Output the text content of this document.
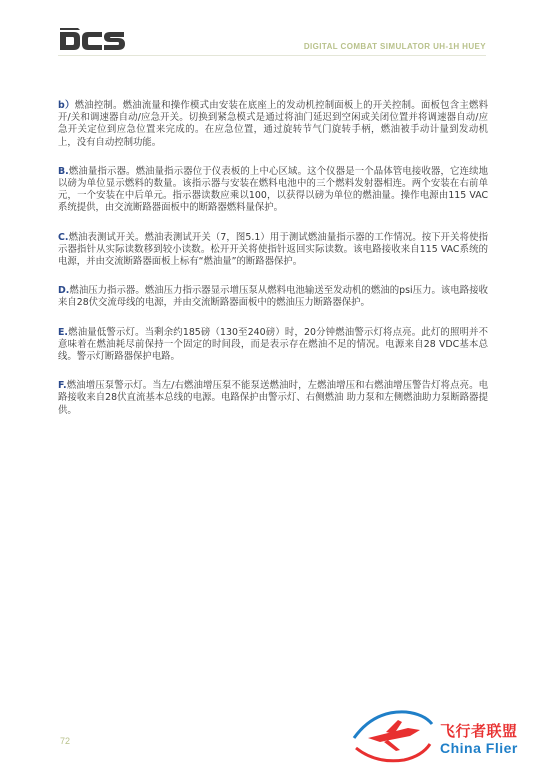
DIGITAL COMBAT SIMULATOR UH-1H HUEY

b）燃油控制。燃油流量和操作模式由安装在底座上的发动机控制面板上的开关控制。面板包含主燃料开/关和调速器自动/应急开关。切换到紧急模式是通过将油门延迟到空闲或关闭位置并将调速器自动/应急开关定位到应急位置来完成的。在应急位置，通过旋转节气门旋转手柄，燃油被手动计量到发动机上，没有自动控制功能。

B.燃油量指示器。燃油量指示器位于仪表板的上中心区域。这个仪器是一个晶体管电接收器，它连续地以磅为单位显示燃料的数量。该指示器与安装在燃料电池中的三个燃料发射器相连。两个安装在右前单元，一个安装在中后单元。指示器读数应乘以100，以获得以磅为单位的燃油量。操作电源由115 VAC系统提供，由交流断路器面板中的断路器燃料量保护。

C.燃油表测试开关。燃油表测试开关（7，图5.1）用于测试燃油量指示器的工作情况。按下开关将使指示器指针从实际读数移到较小读数。松开开关将使指针返回实际读数。该电路接收来自115 VAC系统的电源，并由交流断路器面板上标有“燃油量”的断路器保护。

D.燃油压力指示器。燃油压力指示器显示增压泵从燃料电池输送至发动机的燃油的psi压力。该电路接收来自28伏交流母线的电源，并由交流断路器面板中的燃油压力断路器保护。

E.燃油量低警示灯。当剩余约185磅（130至240磅）时，20分钟燃油警示灯将点亮。此灯的照明并不意味着在燃油耗尽前保持一个固定的时间段，而是表示存在燃油不足的情况。电源来自28 VDC基本总线。警示灯断路器保护电路。

F.燃油增压泵警示灯。当左/右燃油增压泵不能泵送燃油时，左燃油增压和右燃油增压警告灯将点亮。电路接收来自28伏直流基本总线的电源。电路保护由警示灯、右侧燃油 助力泵和左侧燃油助力泵断路器提供。

72
飞行者联盟
China Flier
